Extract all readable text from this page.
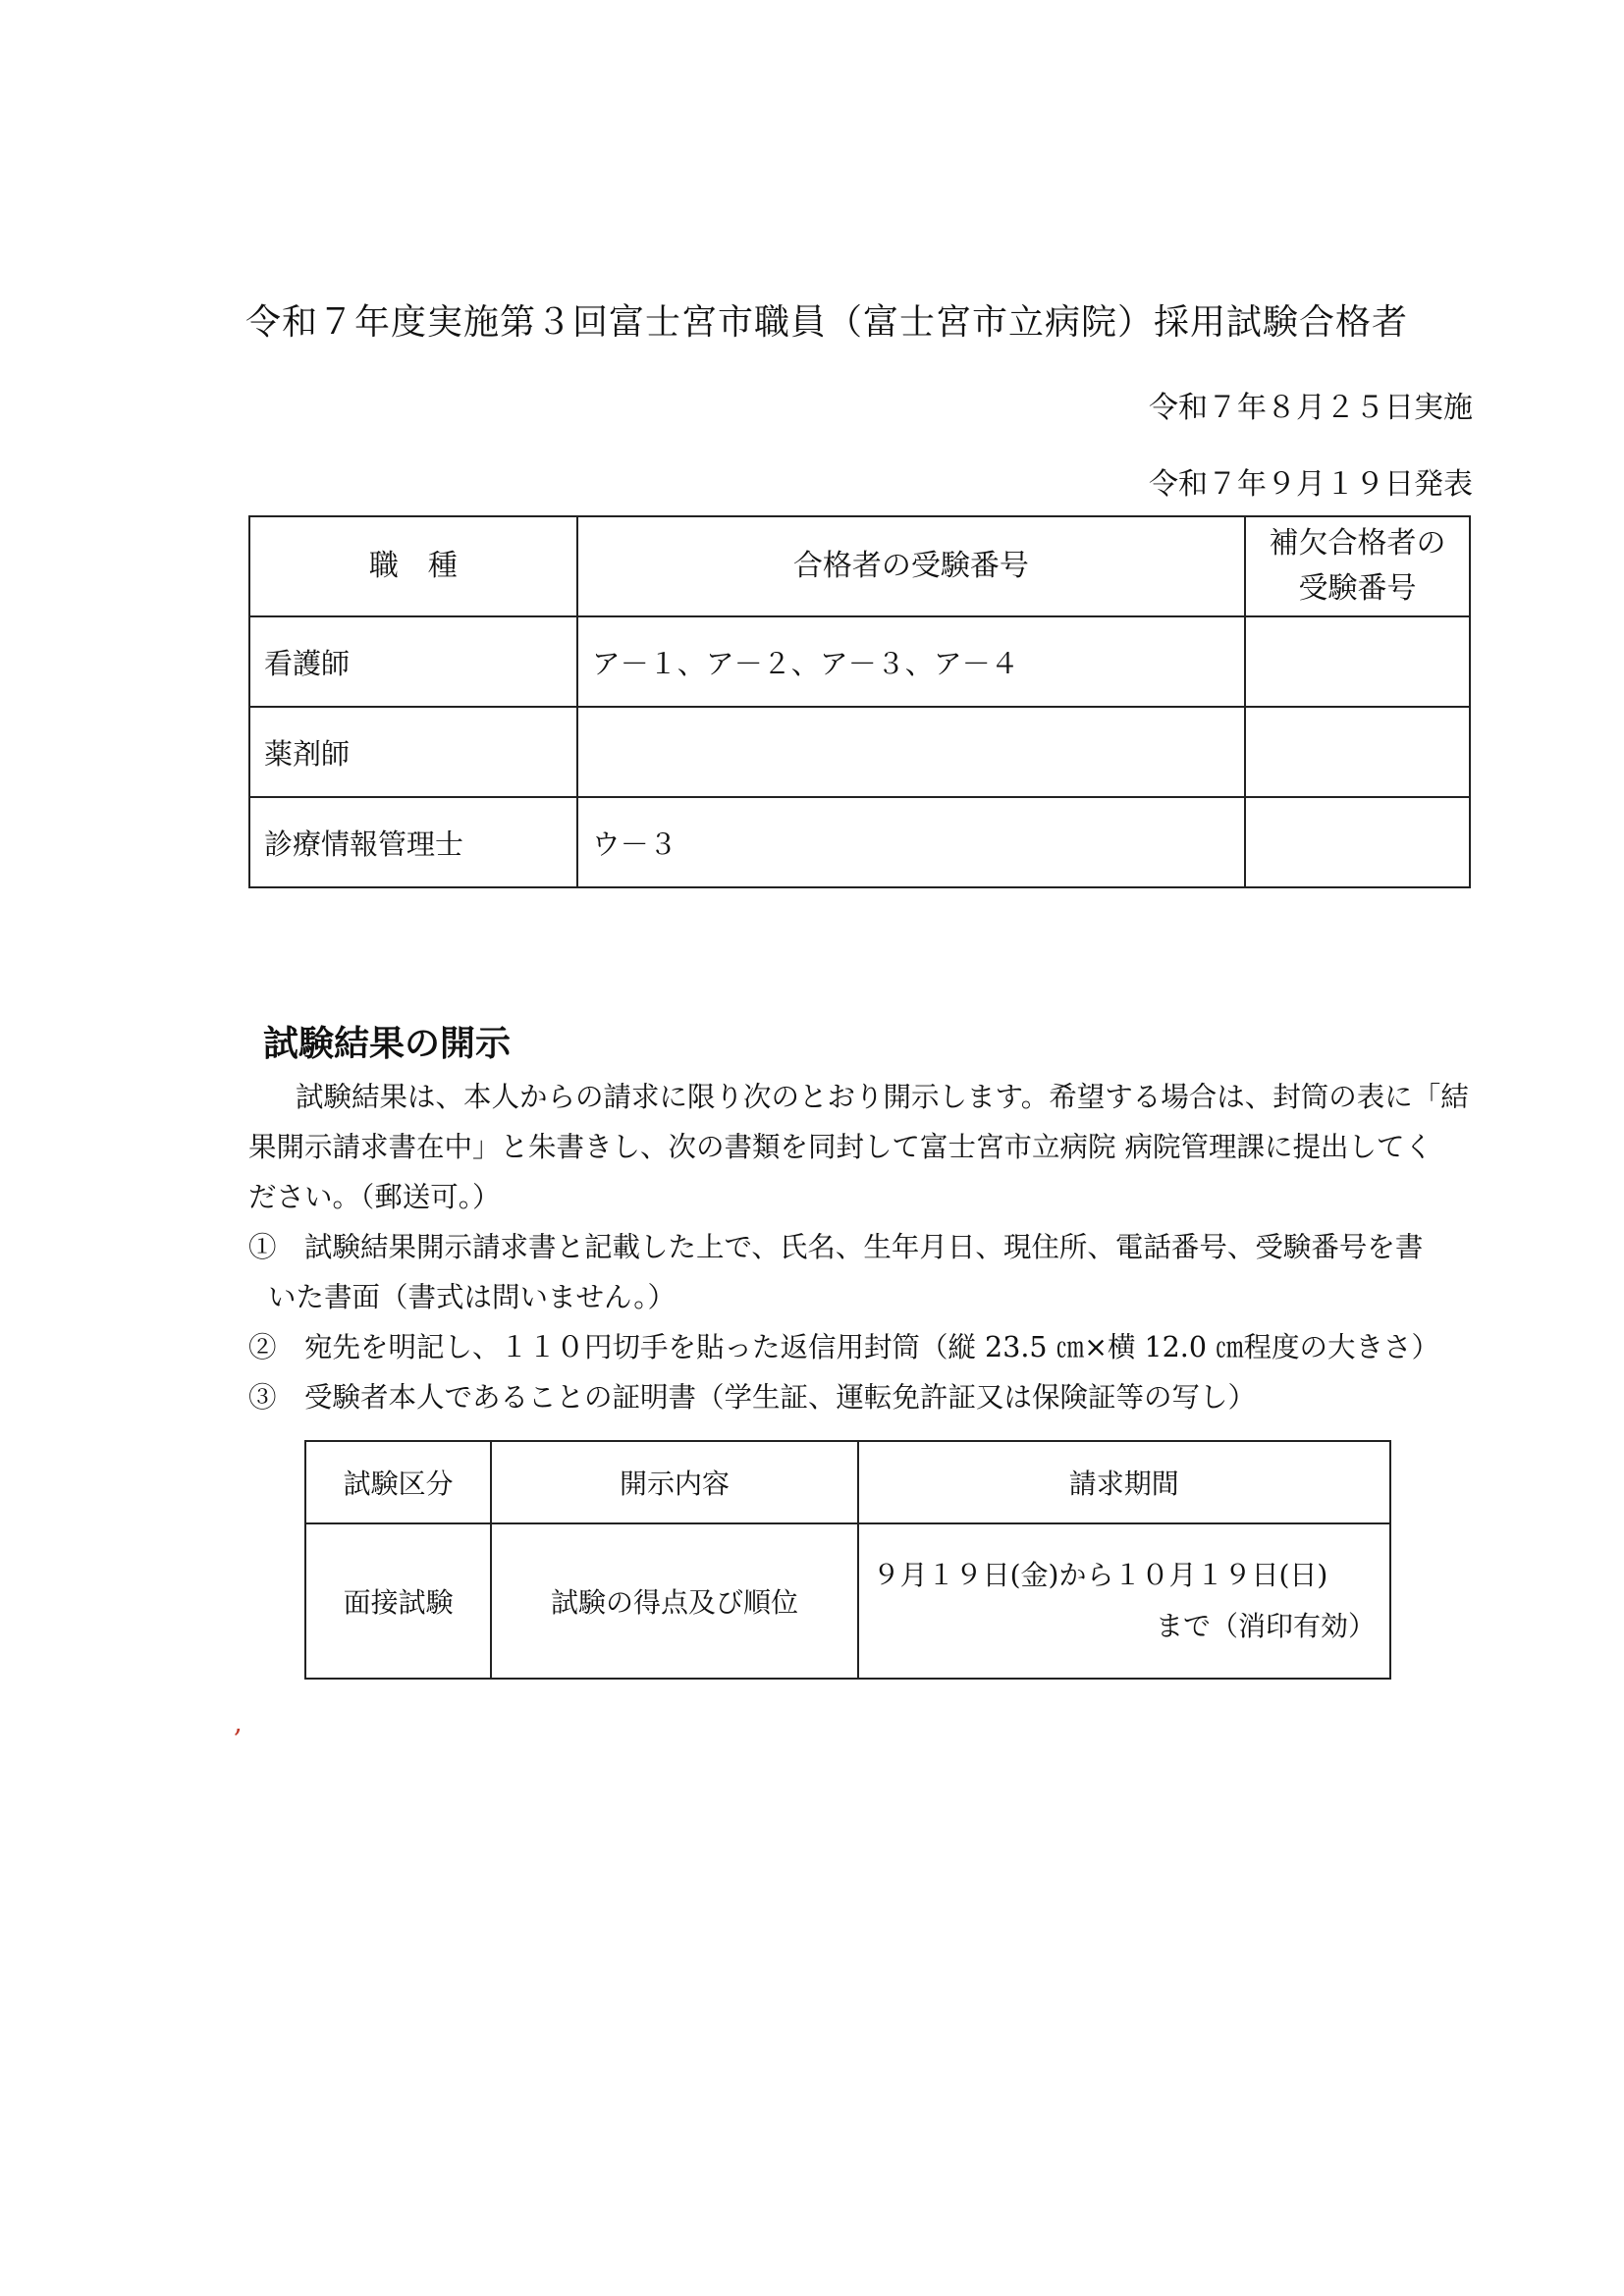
令和７年度実施第３回富士宮市職員（富士宮市立病院）採用試験合格者
令和７年８月２５日実施
令和７年９月１９日発表
職　種	合格者の受験番号	補欠合格者の
受験番号
看護師	ア－１、ア－２、ア－３、ア－４	
薬剤師		
診療情報管理士	ウ－３	
試験結果の開示

試験結果は、本人からの請求に限り次のとおり開示します。希望する場合は、封筒の表に「結

果開示請求書在中」と朱書きし、次の書類を同封して富士宮市立病院 病院管理課に提出してく

ださい。（郵送可。）

①　試験結果開示請求書と記載した上で、氏名、生年月日、現住所、電話番号、受験番号を書

いた書面（書式は問いません。）

②　宛先を明記し、１１０円切手を貼った返信用封筒（縦 23.5 ㎝×横 12.0 ㎝程度の大きさ）

③　受験者本人であることの証明書（学生証、運転免許証又は保険証等の写し）

試験区分	開示内容	請求期間
面接試験	試験の得点及び順位	９月１９日(金)から１０月１９日(日)
まで（消印有効）
,
